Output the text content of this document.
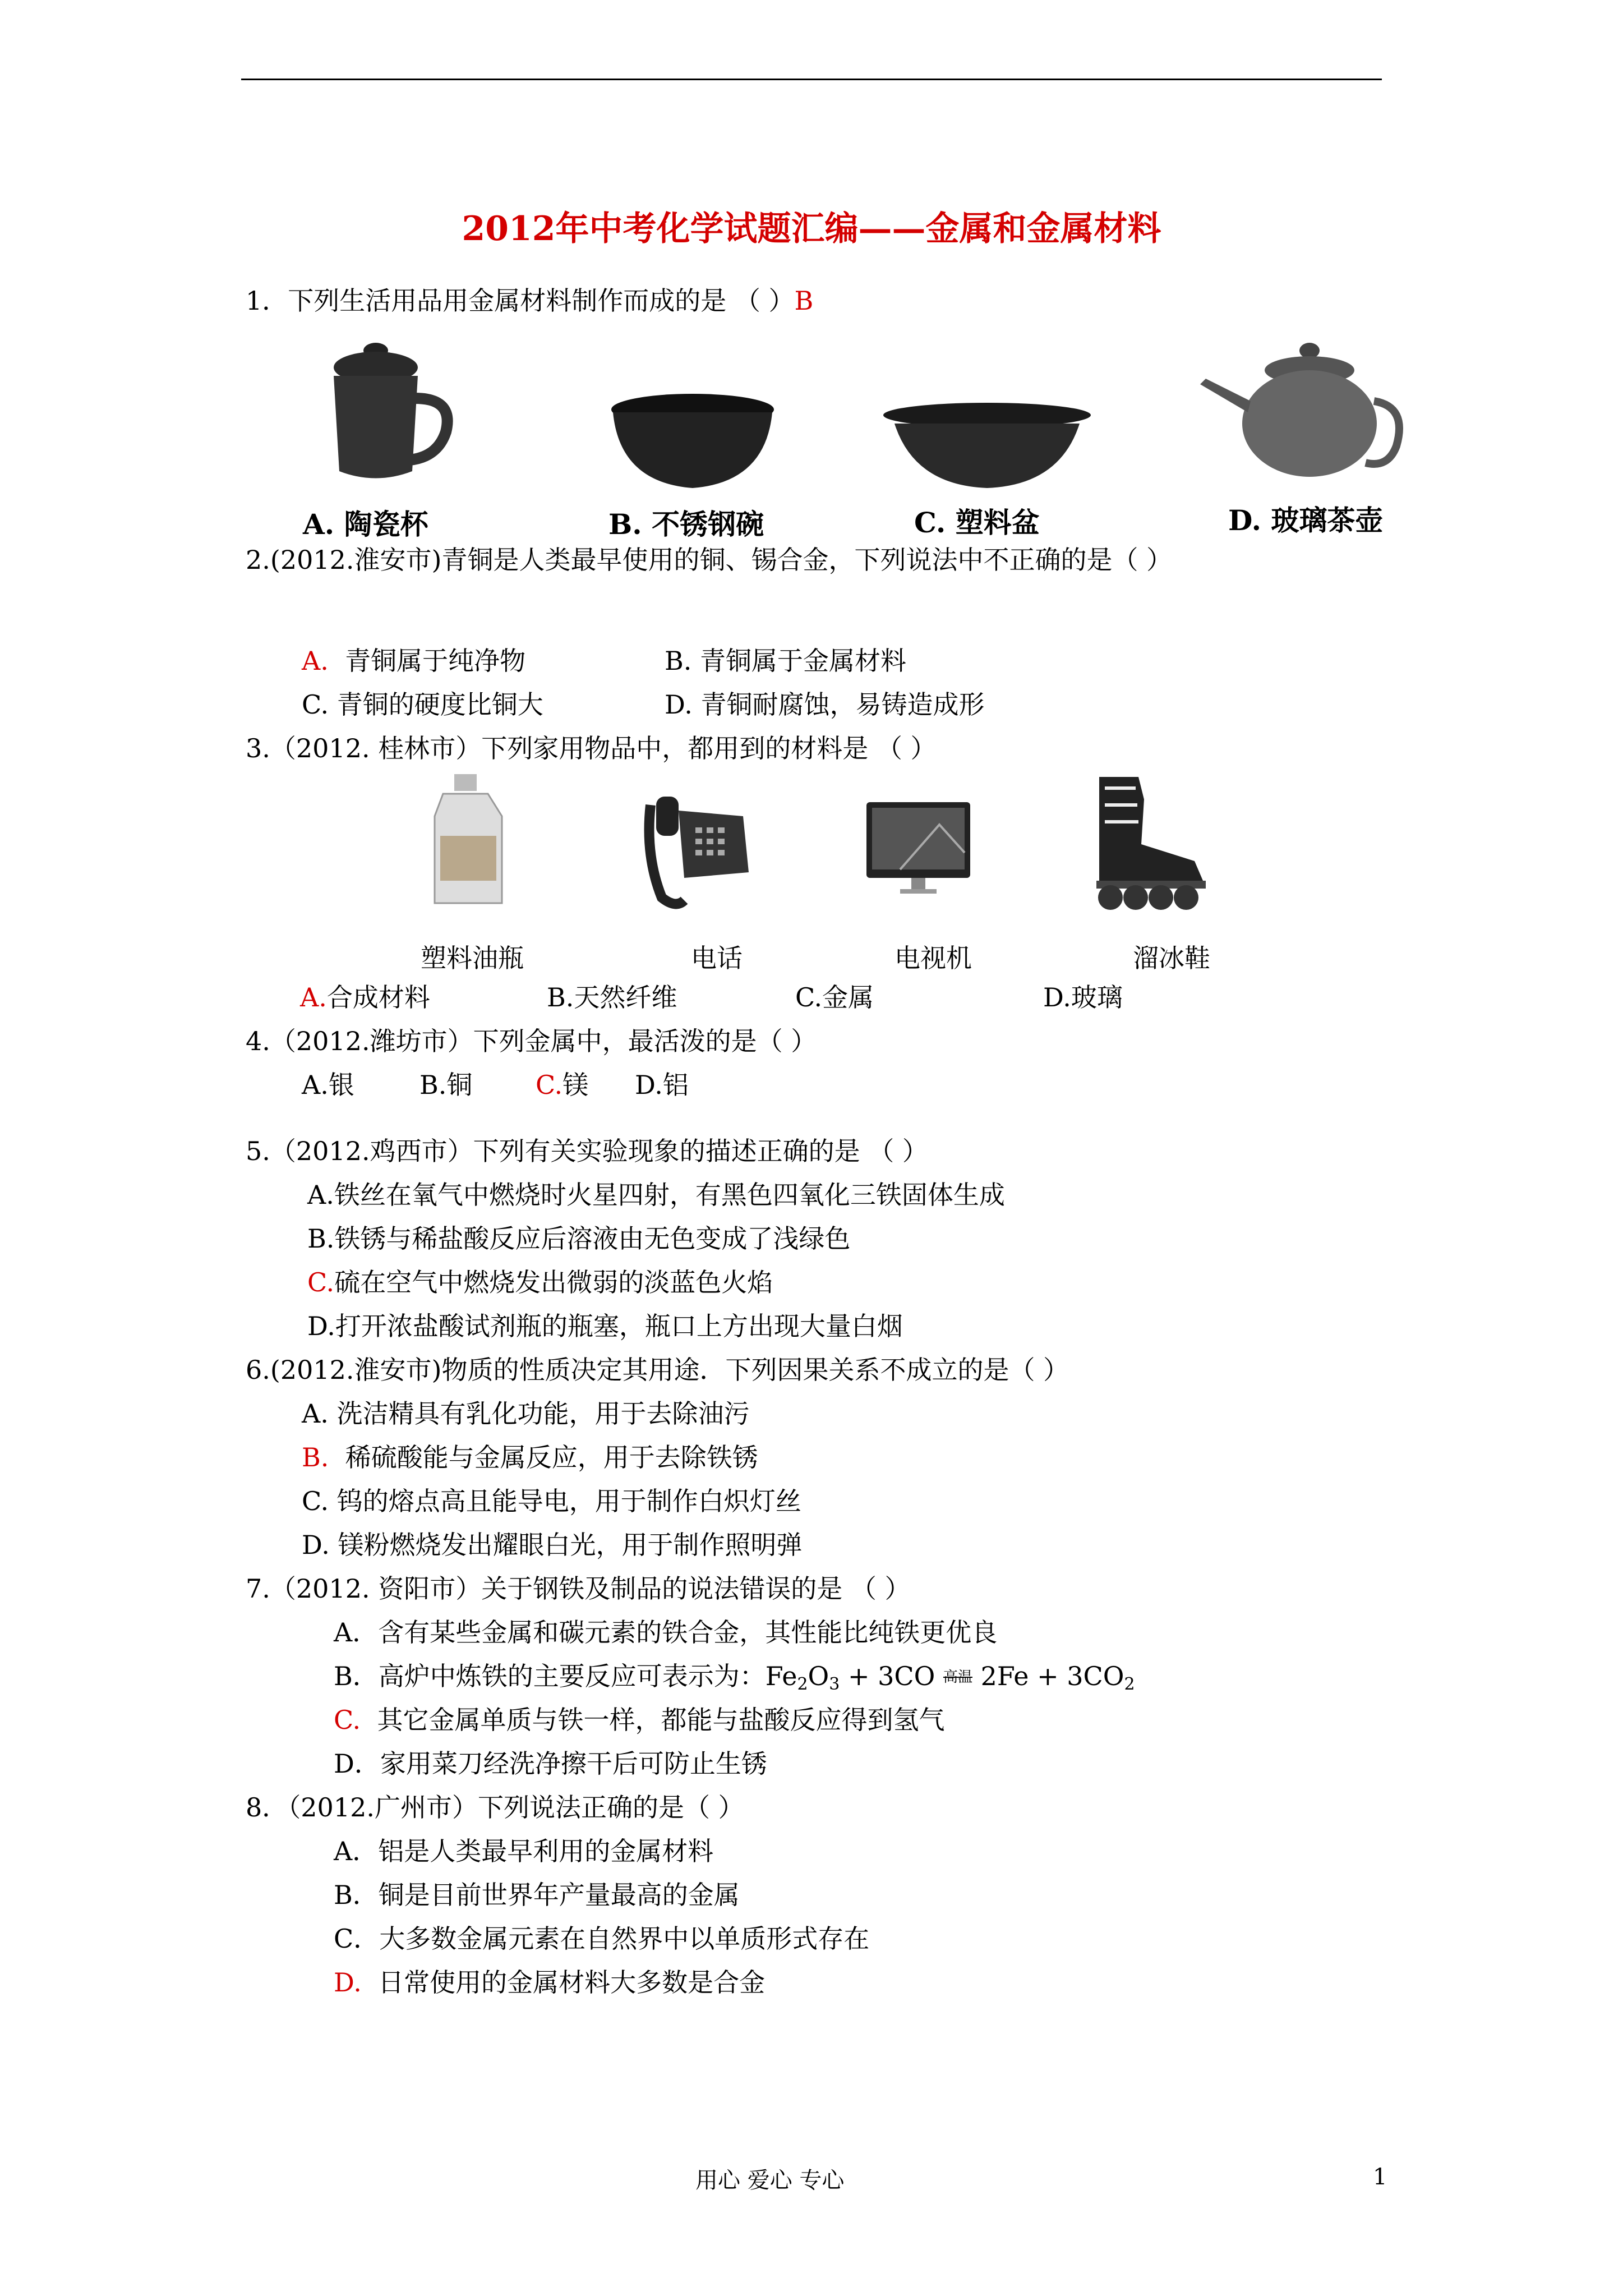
2012年中考化学试题汇编——金属和金属材料
1．下列生活用品用金属材料制作而成的是 （ ）B
A. 陶瓷杯	B. 不锈钢碗	C. 塑料盆	D. 玻璃茶壶
2.(2012.淮安市)青铜是人类最早使用的铜、锡合金，下列说法中不正确的是（ ）
A. 青铜属于纯净物	B. 青铜属于金属材料
C. 青铜的硬度比铜大	D. 青铜耐腐蚀，易铸造成形
3.（2012. 桂林市）下列家用物品中，都用到的材料是 （ ）
塑料油瓶	电话	电视机	溜冰鞋
A.合成材料	B.天然纤维	C.金属	D.玻璃
4.（2012.潍坊市）下列金属中，最活泼的是（ ）
A.银	B.铜 C.镁 D.铝
5.（2012.鸡西市）下列有关实验现象的描述正确的是 （ ）
A.铁丝在氧气中燃烧时火星四射，有黑色四氧化三铁固体生成
B.铁锈与稀盐酸反应后溶液由无色变成了浅绿色
C.硫在空气中燃烧发出微弱的淡蓝色火焰
D.打开浓盐酸试剂瓶的瓶塞，瓶口上方出现大量白烟
6.(2012.淮安市)物质的性质决定其用途．下列因果关系不成立的是（ ）
A. 洗洁精具有乳化功能，用于去除油污
B. 稀硫酸能与金属反应，用于去除铁锈
C. 钨的熔点高且能导电，用于制作白炽灯丝
D. 镁粉燃烧发出耀眼白光，用于制作照明弹
7.（2012. 资阳市）关于钢铁及制品的说法错误的是 （ ）
A．含有某些金属和碳元素的铁合金，其性能比纯铁更优良
B．高炉中炼铁的主要反应可表示为：$Fe_2O_3 + 3CO$ 高温 $2Fe + 3CO_2$
C. 其它金属单质与铁一样，都能与盐酸反应得到氢气
D．家用菜刀经洗净擦干后可防止生锈
8．（2012.广州市）下列说法正确的是（ ）
A．铝是人类最早利用的金属材料
B．铜是目前世界年产量最高的金属
C．大多数金属元素在自然界中以单质形式存在
D. 日常使用的金属材料大多数是合金
用心 爱心 专心	1
